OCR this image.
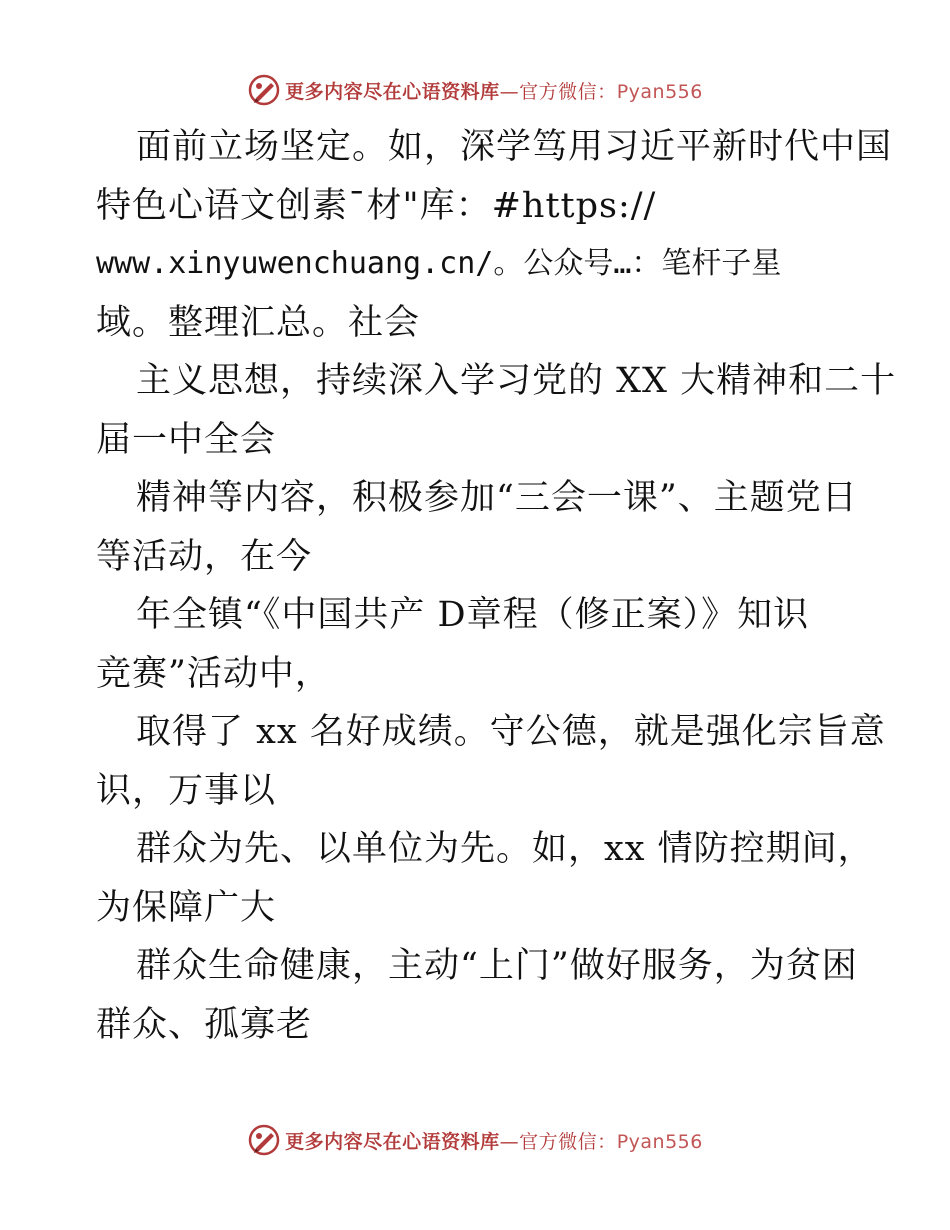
更多内容尽在心语资料库—官方微信：Pyan556
面前立场坚定。如，深学笃用习近平新时代中国
特色心语文创素¯材"库：#https://
www.xinyuwenchuang.cn/。公众号…：笔杆子星
域。整理汇总。社会
主义思想，持续深入学习党的 XX 大精神和二十
届一中全会
精神等内容，积极参加“三会一课”、主题党日
等活动，在今
年全镇“《中国共产 D章程（修正案）》知识
竞赛”活动中，
取得了 xx 名好成绩。守公德，就是强化宗旨意
识，万事以
群众为先、以单位为先。如，xx 情防控期间，
为保障广大
群众生命健康，主动“上门”做好服务，为贫困
群众、孤寡老
更多内容尽在心语资料库—官方微信：Pyan556
